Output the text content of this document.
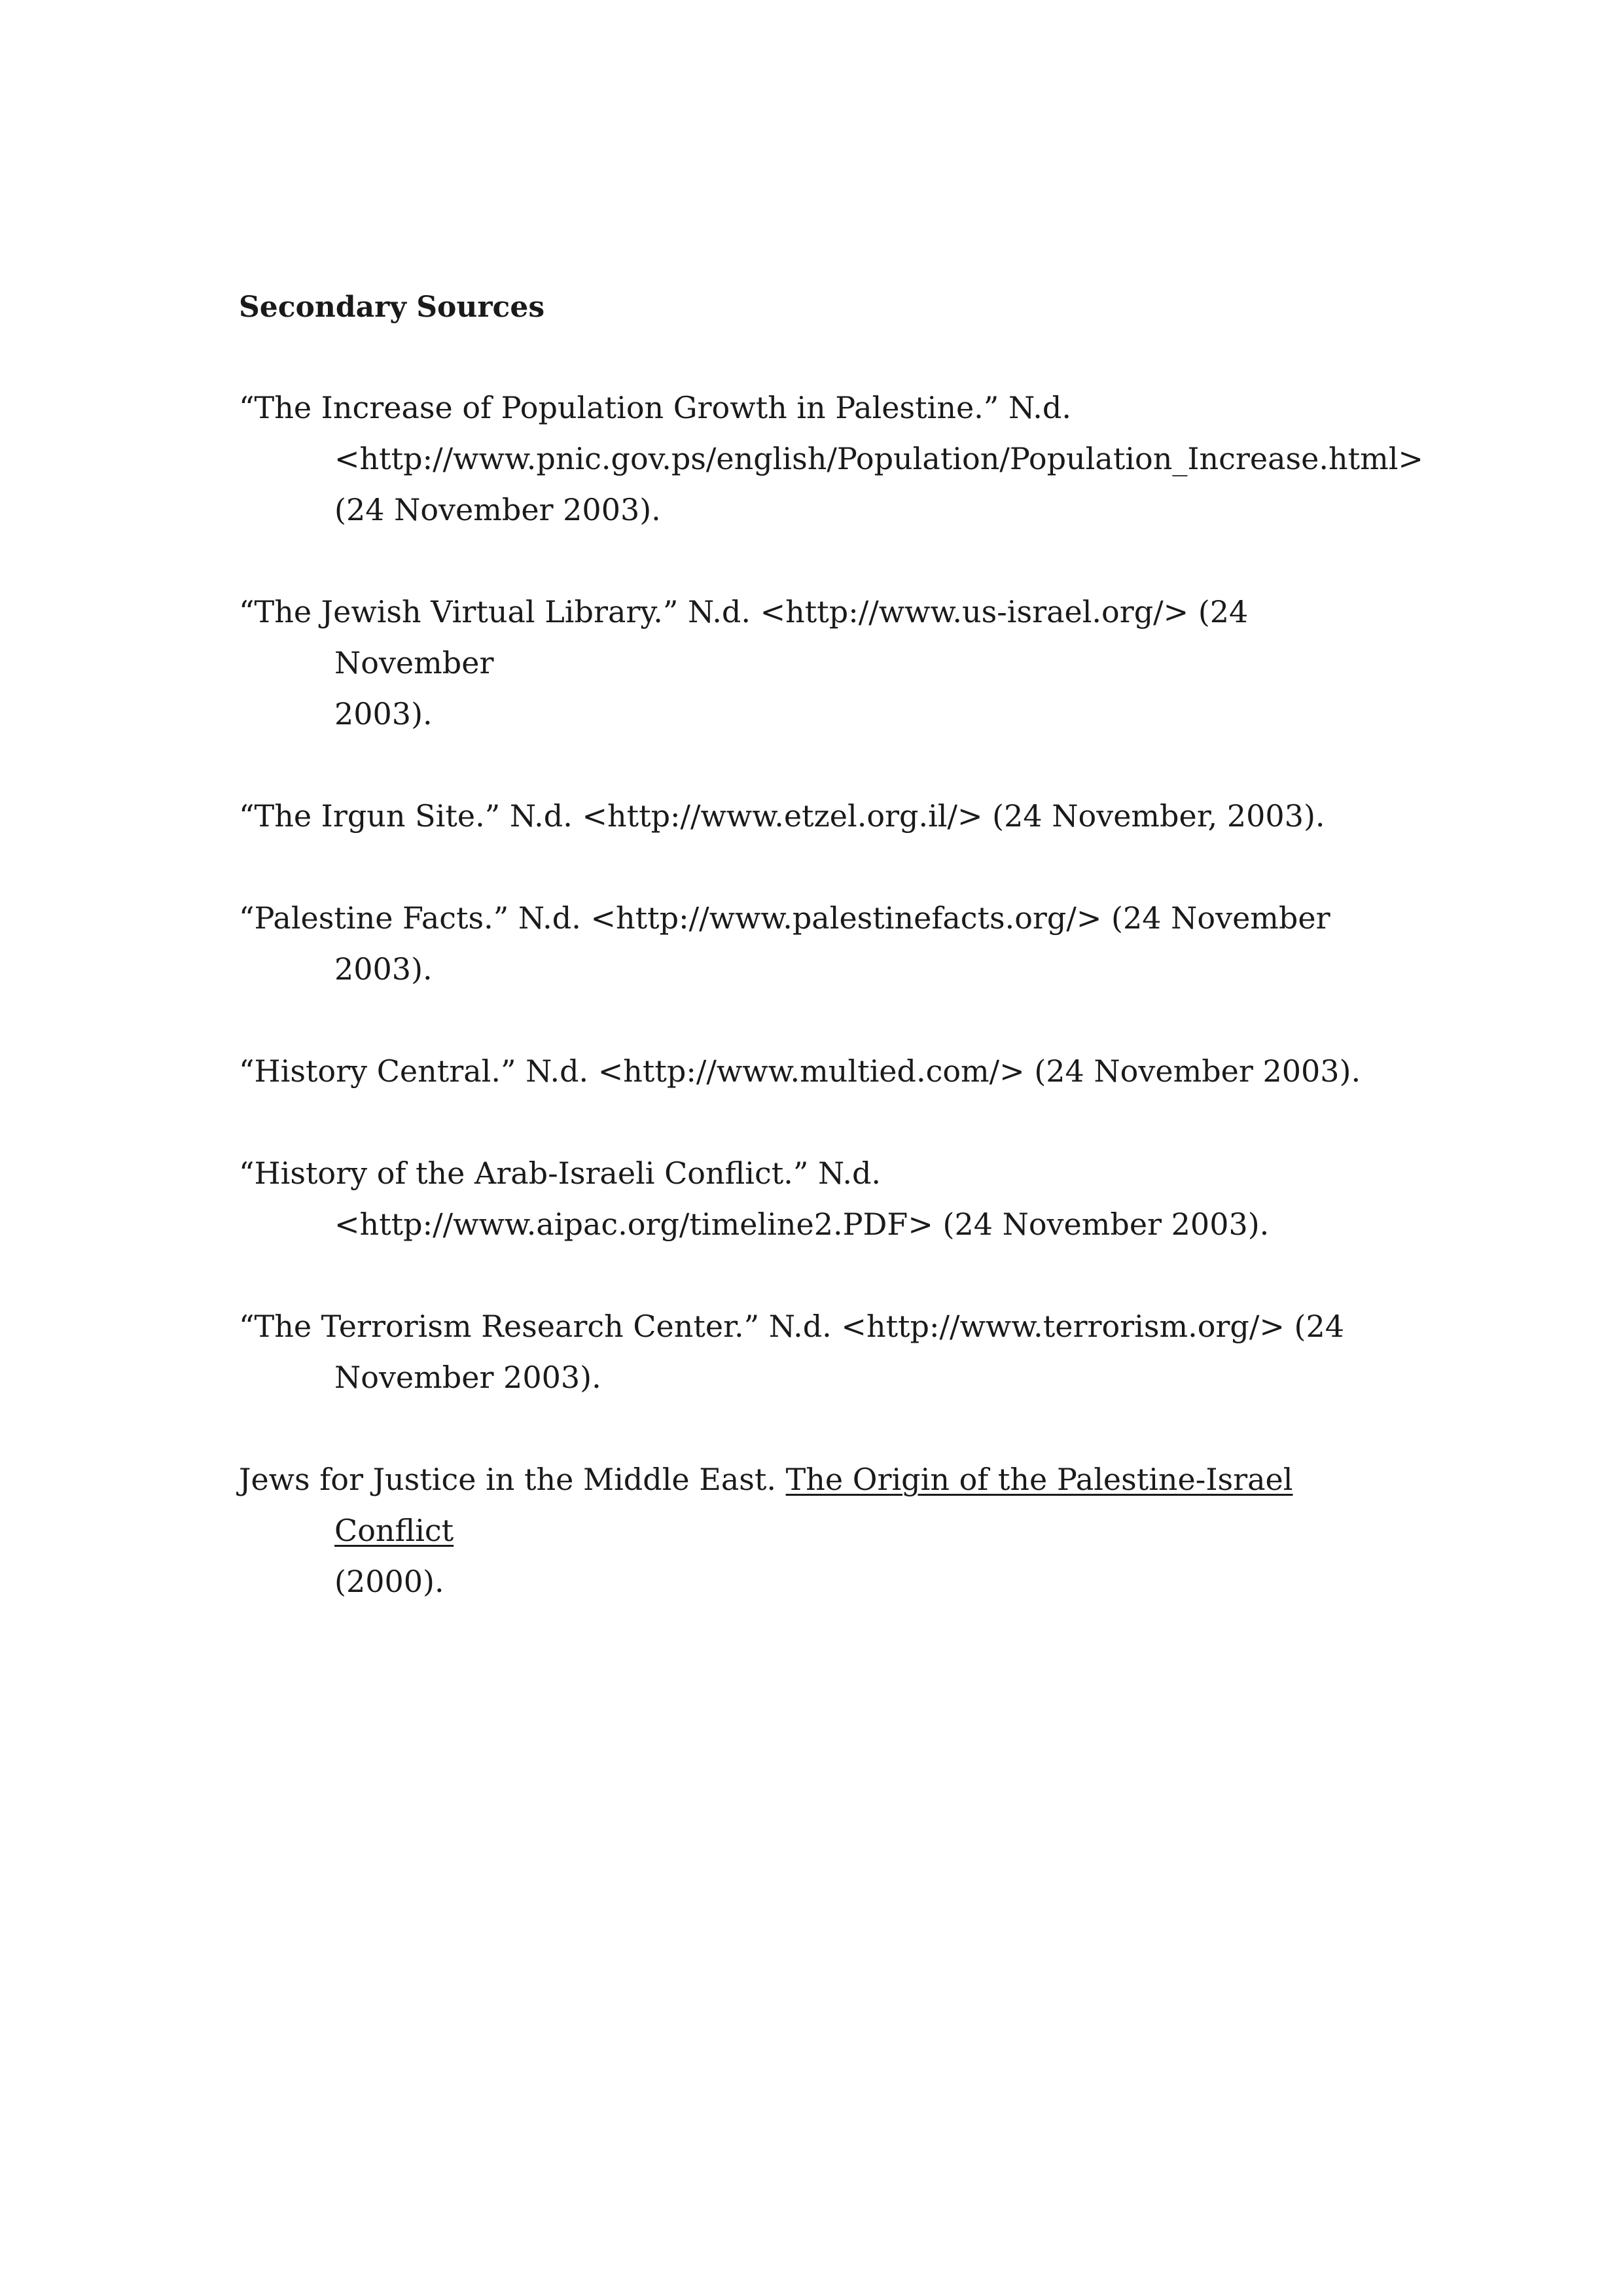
Secondary Sources
“The Increase of Population Growth in Palestine.” N.d.
<http://www.pnic.gov.ps/english/Population/Population_Increase.html>
(24 November 2003).
“The Jewish Virtual Library.” N.d. <http://www.us-israel.org/> (24 November
2003).
“The Irgun Site.” N.d. <http://www.etzel.org.il/> (24 November, 2003).
“Palestine Facts.” N.d. <http://www.palestinefacts.org/> (24 November 2003).
“History Central.” N.d. <http://www.multied.com/> (24 November 2003).
“History of the Arab-Israeli Conflict.” N.d.
<http://www.aipac.org/timeline2.PDF> (24 November 2003).
“The Terrorism Research Center.” N.d. <http://www.terrorism.org/> (24
November 2003).
Jews for Justice in the Middle East. The Origin of the Palestine-Israel Conflict
(2000).
